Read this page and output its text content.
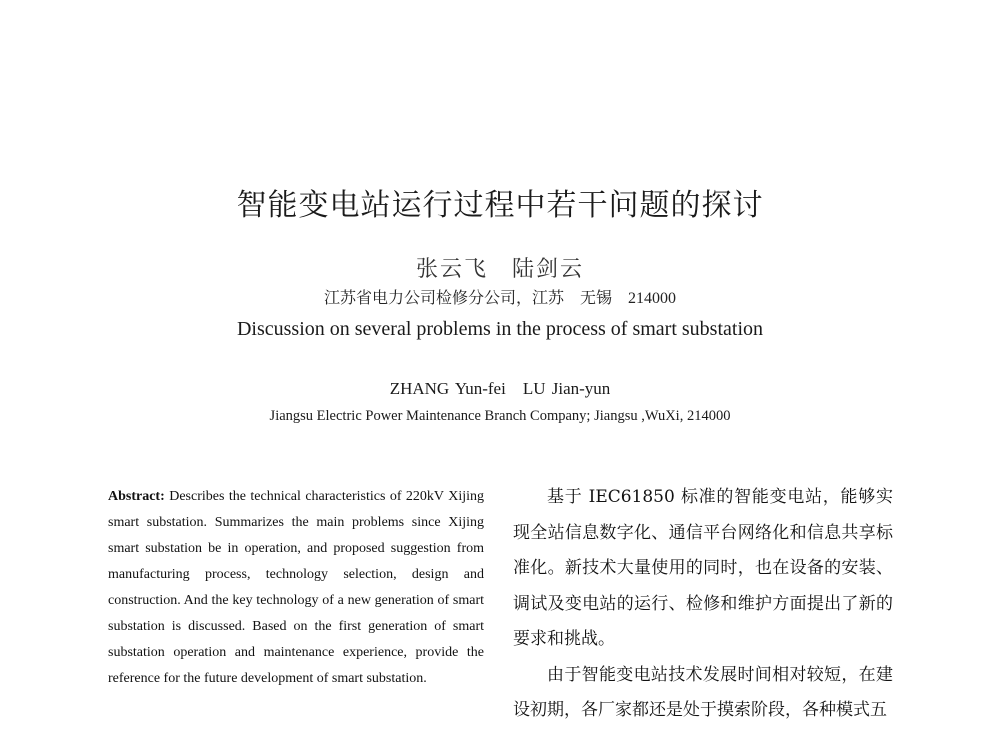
智能变电站运行过程中若干问题的探讨
张云飞　陆剑云
江苏省电力公司检修分公司，江苏　无锡　214000
Discussion on several problems in the process of smart substation
ZHANG Yun-fei　LU Jian-yun
Jiangsu Electric Power Maintenance Branch Company; Jiangsu ,WuXi, 214000
Abstract: Describes the technical characteristics of 220kV Xijing smart substation. Summarizes the main problems since Xijing smart substation be in operation, and proposed suggestion from manufacturing process, technology selection, design and construction. And the key technology of a new generation of smart substation is discussed. Based on the first generation of smart substation operation and maintenance experience, provide the reference for the future development of smart substation.

基于 IEC61850 标准的智能变电站，能够实现全站信息数字化、通信平台网络化和信息共享标准化。新技术大量使用的同时，也在设备的安装、调试及变电站的运行、检修和维护方面提出了新的要求和挑战。

由于智能变电站技术发展时间相对较短，在建设初期，各厂家都还是处于摸索阶段，各种模式五
